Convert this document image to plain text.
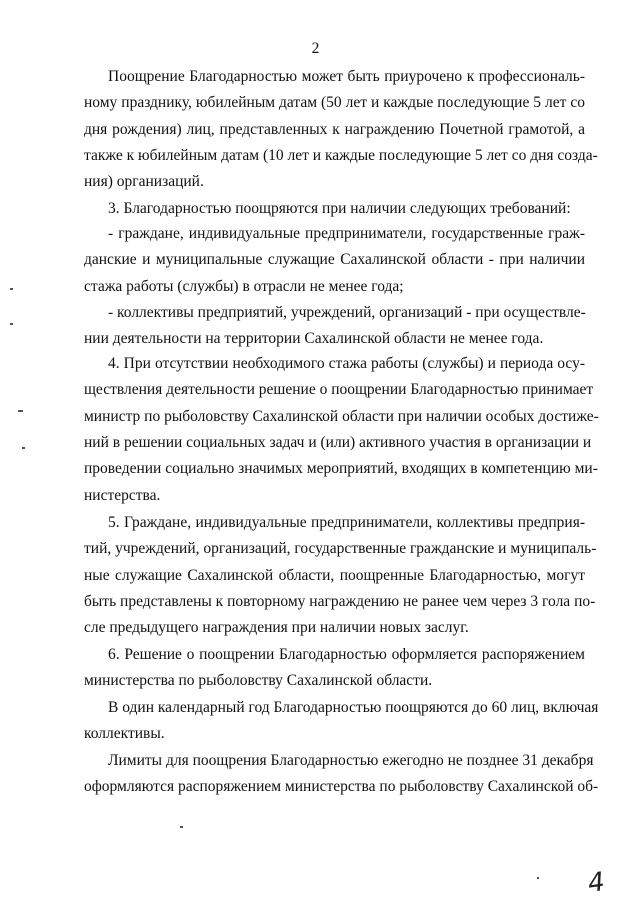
2
Поощрение Благодарностью может быть приурочено к профессиональ-
ному празднику, юбилейным датам (50 лет и каждые последующие 5 лет со
дня рождения) лиц, представленных к награждению Почетной грамотой, а
также к юбилейным датам (10 лет и каждые последующие 5 лет со дня созда-
ния) организаций.
3. Благодарностью поощряются при наличии следующих требований:
- граждане, индивидуальные предприниматели, государственные граж-
данские и муниципальные служащие Сахалинской области - при наличии
стажа работы (службы) в отрасли не менее года;
- коллективы предприятий, учреждений, организаций - при осуществле-
нии деятельности на территории Сахалинской области не менее года.
4. При отсутствии необходимого стажа работы (службы) и периода осу-
ществления деятельности решение о поощрении Благодарностью принимает
министр по рыболовству Сахалинской области при наличии особых достиже-
ний в решении социальных задач и (или) активного участия в организации и
проведении социально значимых мероприятий, входящих в компетенцию ми-
нистерства.
5. Граждане, индивидуальные предприниматели, коллективы предприя-
тий, учреждений, организаций, государственные гражданские и муниципаль-
ные служащие Сахалинской области, поощренные Благодарностью, могут
быть представлены к повторному награждению не ранее чем через 3 гола по-
сле предыдущего награждения при наличии новых заслуг.
6. Решение о поощрении Благодарностью оформляется распоряжением
министерства по рыболовству Сахалинской области.
В один календарный год Благодарностью поощряются до 60 лиц, включая
коллективы.
Лимиты для поощрения Благодарностью ежегодно не позднее 31 декабря
оформляются распоряжением министерства по рыболовству Сахалинской об-
4
